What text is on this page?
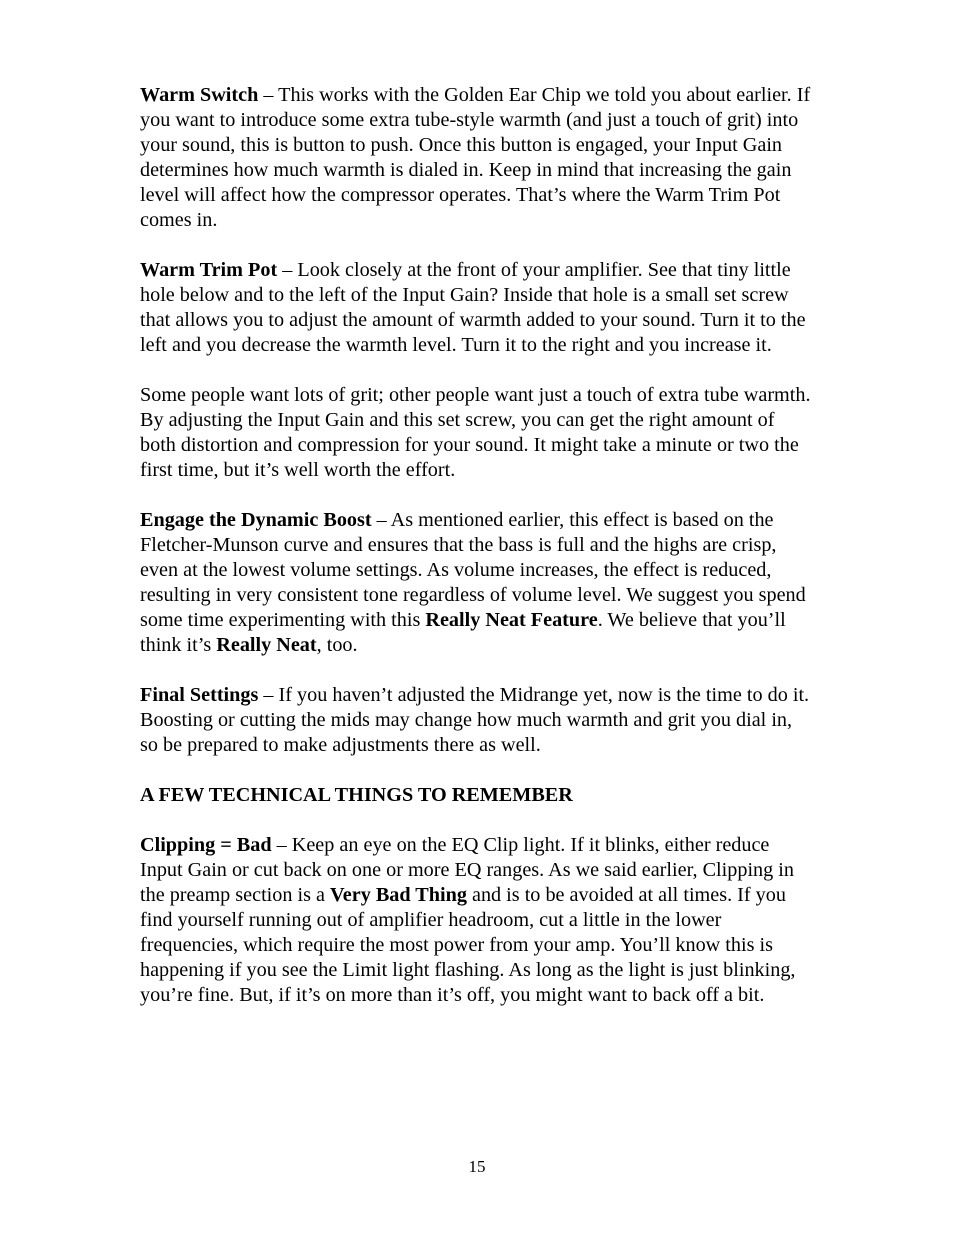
Warm Switch – This works with the Golden Ear Chip we told you about earlier. If you want to introduce some extra tube-style warmth (and just a touch of grit) into your sound, this is button to push. Once this button is engaged, your Input Gain determines how much warmth is dialed in. Keep in mind that increasing the gain level will affect how the compressor operates. That’s where the Warm Trim Pot comes in.

Warm Trim Pot – Look closely at the front of your amplifier. See that tiny little hole below and to the left of the Input Gain? Inside that hole is a small set screw that allows you to adjust the amount of warmth added to your sound. Turn it to the left and you decrease the warmth level. Turn it to the right and you increase it.

Some people want lots of grit; other people want just a touch of extra tube warmth. By adjusting the Input Gain and this set screw, you can get the right amount of both distortion and compression for your sound. It might take a minute or two the first time, but it’s well worth the effort.

Engage the Dynamic Boost – As mentioned earlier, this effect is based on the Fletcher-Munson curve and ensures that the bass is full and the highs are crisp, even at the lowest volume settings. As volume increases, the effect is reduced, resulting in very consistent tone regardless of volume level. We suggest you spend some time experimenting with this Really Neat Feature. We believe that you’ll think it’s Really Neat, too.

Final Settings – If you haven’t adjusted the Midrange yet, now is the time to do it. Boosting or cutting the mids may change how much warmth and grit you dial in, so be prepared to make adjustments there as well.

A FEW TECHNICAL THINGS TO REMEMBER

Clipping = Bad – Keep an eye on the EQ Clip light. If it blinks, either reduce Input Gain or cut back on one or more EQ ranges. As we said earlier, Clipping in the preamp section is a Very Bad Thing and is to be avoided at all times. If you find yourself running out of amplifier headroom, cut a little in the lower frequencies, which require the most power from your amp. You’ll know this is happening if you see the Limit light flashing. As long as the light is just blinking, you’re fine. But, if it’s on more than it’s off, you might want to back off a bit.

15
